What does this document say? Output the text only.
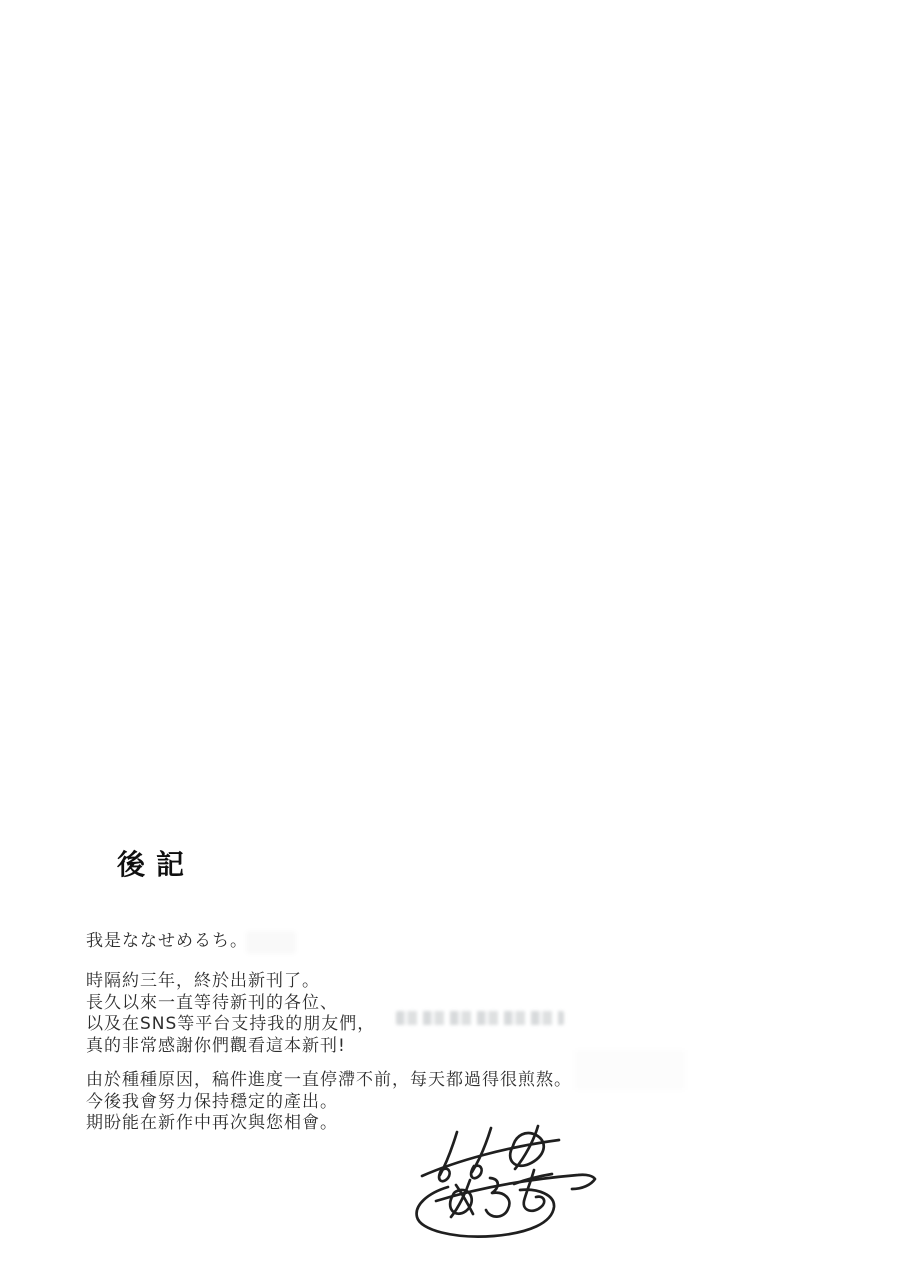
後記

我是ななせめるち。

時隔約三年，終於出新刊了。
長久以來一直等待新刊的各位、
以及在SNS等平台支持我的朋友們，
真的非常感謝你們觀看這本新刊!

由於種種原因，稿件進度一直停滯不前，每天都過得很煎熬。
今後我會努力保持穩定的產出。
期盼能在新作中再次與您相會。
